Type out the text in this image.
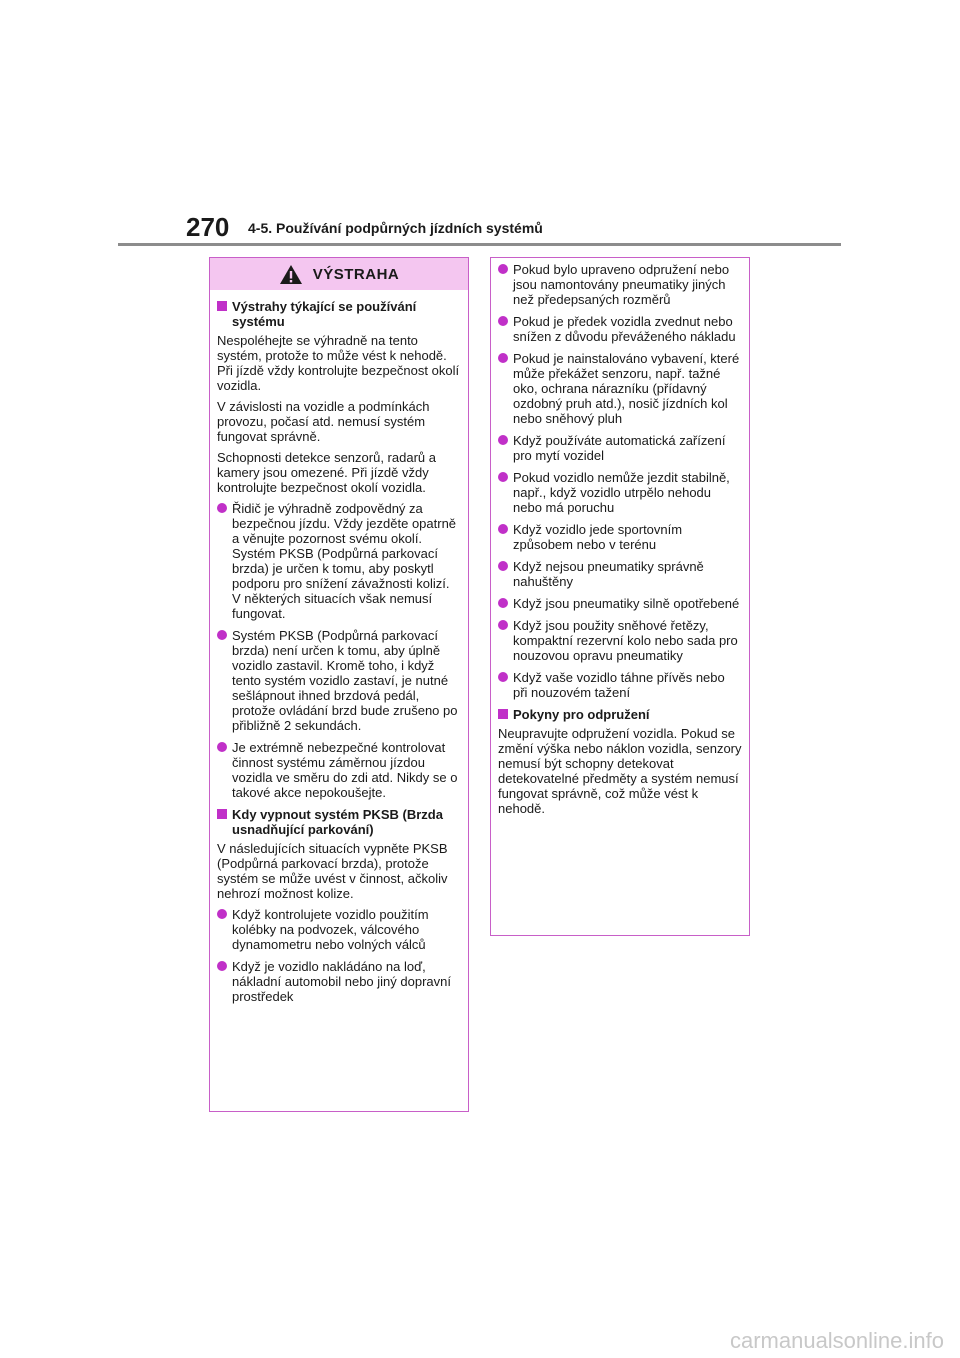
270 4-5. Používání podpůrných jízdních systémů
VÝSTRAHA
Výstrahy týkající se používání systému

Nespoléhejte se výhradně na tento systém, protože to může vést k nehodě. Při jízdě vždy kontrolujte bezpečnost okolí vozidla.

V závislosti na vozidle a podmínkách provozu, počasí atd. nemusí systém fungovat správně.

Schopnosti detekce senzorů, radarů a kamery jsou omezené. Při jízdě vždy kontrolujte bezpečnost okolí vozidla.

Řidič je výhradně zodpovědný za bezpečnou jízdu. Vždy jezděte opatrně a věnujte pozornost svému okolí. Systém PKSB (Podpůrná parkovací brzda) je určen k tomu, aby poskytl podporu pro snížení závažnosti kolizí. V některých situacích však nemusí fungovat.
Systém PKSB (Podpůrná parkovací brzda) není určen k tomu, aby úplně vozidlo zastavil. Kromě toho, i když tento systém vozidlo zastaví, je nutné sešlápnout ihned brzdová pedál, protože ovládání brzd bude zrušeno po přibližně 2 sekundách.
Je extrémně nebezpečné kontrolovat činnost systému záměrnou jízdou vozidla ve směru do zdi atd. Nikdy se o takové akce nepokoušejte.
Kdy vypnout systém PKSB (Brzda usnadňující parkování)

V následujících situacích vypněte PKSB (Podpůrná parkovací brzda), protože systém se může uvést v činnost, ačkoliv nehrozí možnost kolize.

Když kontrolujete vozidlo použitím kolébky na podvozek, válcového dynamometru nebo volných válců
Když je vozidlo nakládáno na loď, nákladní automobil nebo jiný dopravní prostředek
Pokud bylo upraveno odpružení nebo jsou namontovány pneumatiky jiných než předepsaných rozměrů
Pokud je předek vozidla zvednut nebo snížen z důvodu převáženého nákladu
Pokud je nainstalováno vybavení, které může překážet senzoru, např. tažné oko, ochrana nárazníku (přídavný ozdobný pruh atd.), nosič jízdních kol nebo sněhový pluh
Když používáte automatická zařízení pro mytí vozidel
Pokud vozidlo nemůže jezdit stabilně, např., když vozidlo utrpělo nehodu nebo má poruchu
Když vozidlo jede sportovním způsobem nebo v terénu
Když nejsou pneumatiky správně nahuštěny
Když jsou pneumatiky silně opotřebené
Když jsou použity sněhové řetězy, kompaktní rezervní kolo nebo sada pro nouzovou opravu pneumatiky
Když vaše vozidlo táhne přívěs nebo při nouzovém tažení
Pokyny pro odpružení

Neupravujte odpružení vozidla. Pokud se změní výška nebo náklon vozidla, senzory nemusí být schopny detekovat detekovatelné předměty a systém nemusí fungovat správně, což může vést k nehodě.

carmanualsonline.info
